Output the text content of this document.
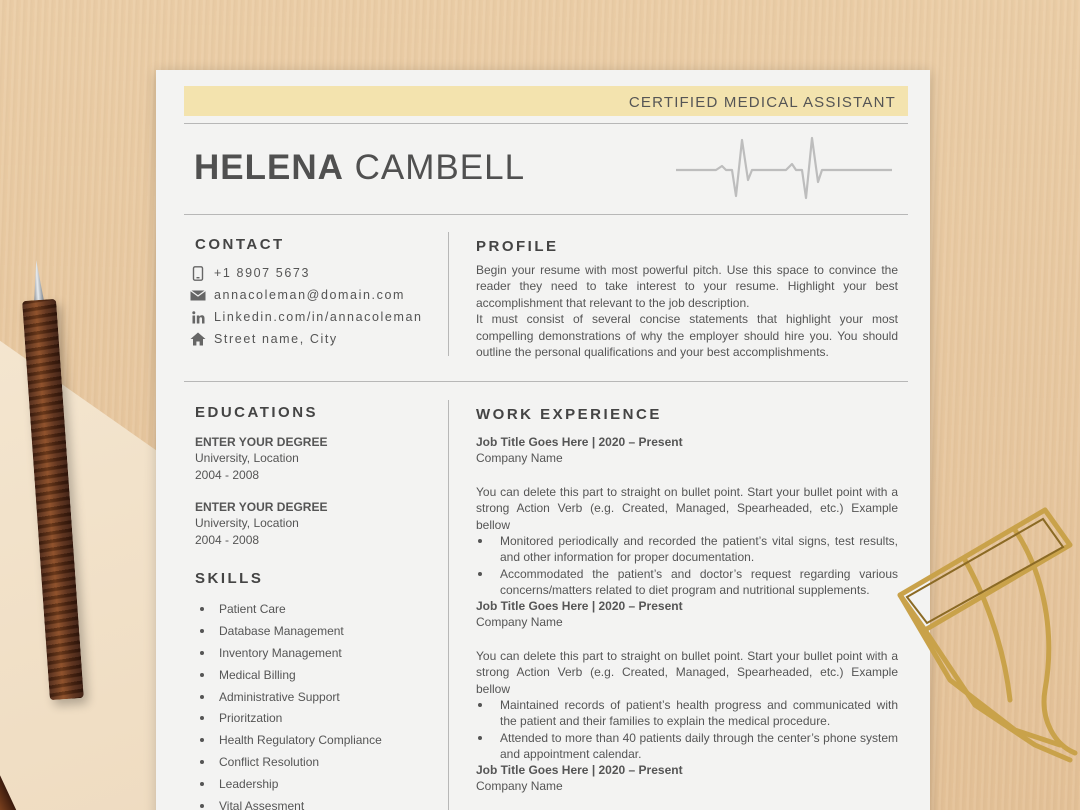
CERTIFIED MEDICAL ASSISTANT
HELENA CAMBELL
CONTACT
+1 8907 5673
annacoleman@domain.com
Linkedin.com/in/annacoleman
Street name, City
PROFILE

Begin your resume with most powerful pitch. Use this space to convince the reader they need to take interest to your resume. Highlight your best accomplishment that relevant to the job description.

It must consist of several concise statements that highlight your most compelling demonstrations of why the employer should hire you. You should outline the personal qualifications and your best accomplishments.

EDUCATIONS
ENTER YOUR DEGREE
University, Location
2004 - 2008
ENTER YOUR DEGREE
University, Location
2004 - 2008
SKILLS
Patient Care
Database Management
Inventory Management
Medical Billing
Administrative Support
Prioritzation
Health Regulatory Compliance
Conflict Resolution
Leadership
Vital Assesment
WORK EXPERIENCE
Job Title Goes Here | 2020 – Present
Company Name
You can delete this part to straight on bullet point. Start your bullet point with a strong Action Verb (e.g. Created, Managed, Spearheaded, etc.) Example bellow
Monitored periodically and recorded the patient’s vital signs, test results, and other information for proper documentation.
Accommodated the patient’s and doctor’s request regarding various concerns/matters related to diet program and nutritional supplements.
Job Title Goes Here | 2020 – Present
Company Name
You can delete this part to straight on bullet point. Start your bullet point with a strong Action Verb (e.g. Created, Managed, Spearheaded, etc.) Example bellow
Maintained records of patient’s health progress and communicated with the patient and their families to explain the medical procedure.
Attended to more than 40 patients daily through the center’s phone system and appointment calendar.
Job Title Goes Here | 2020 – Present
Company Name
